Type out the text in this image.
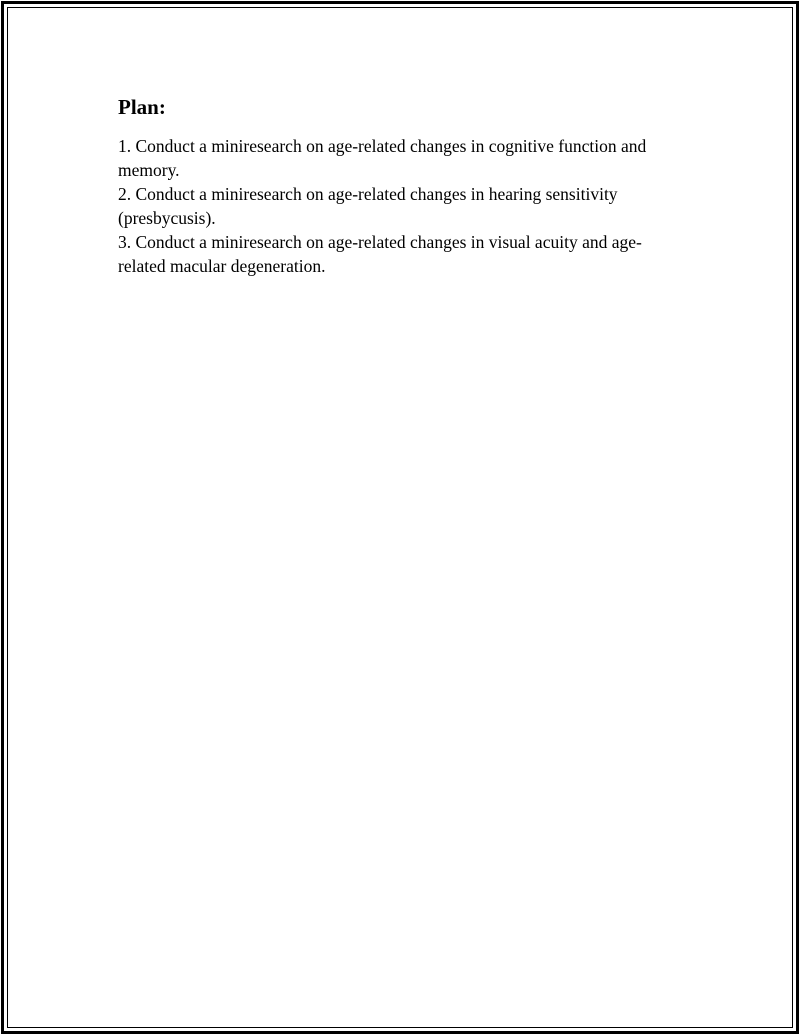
Plan:
1. Conduct a miniresearch on age-related changes in cognitive function and memory.
2. Conduct a miniresearch on age-related changes in hearing sensitivity (presbycusis).
3. Conduct a miniresearch on age-related changes in visual acuity and age-related macular degeneration.
